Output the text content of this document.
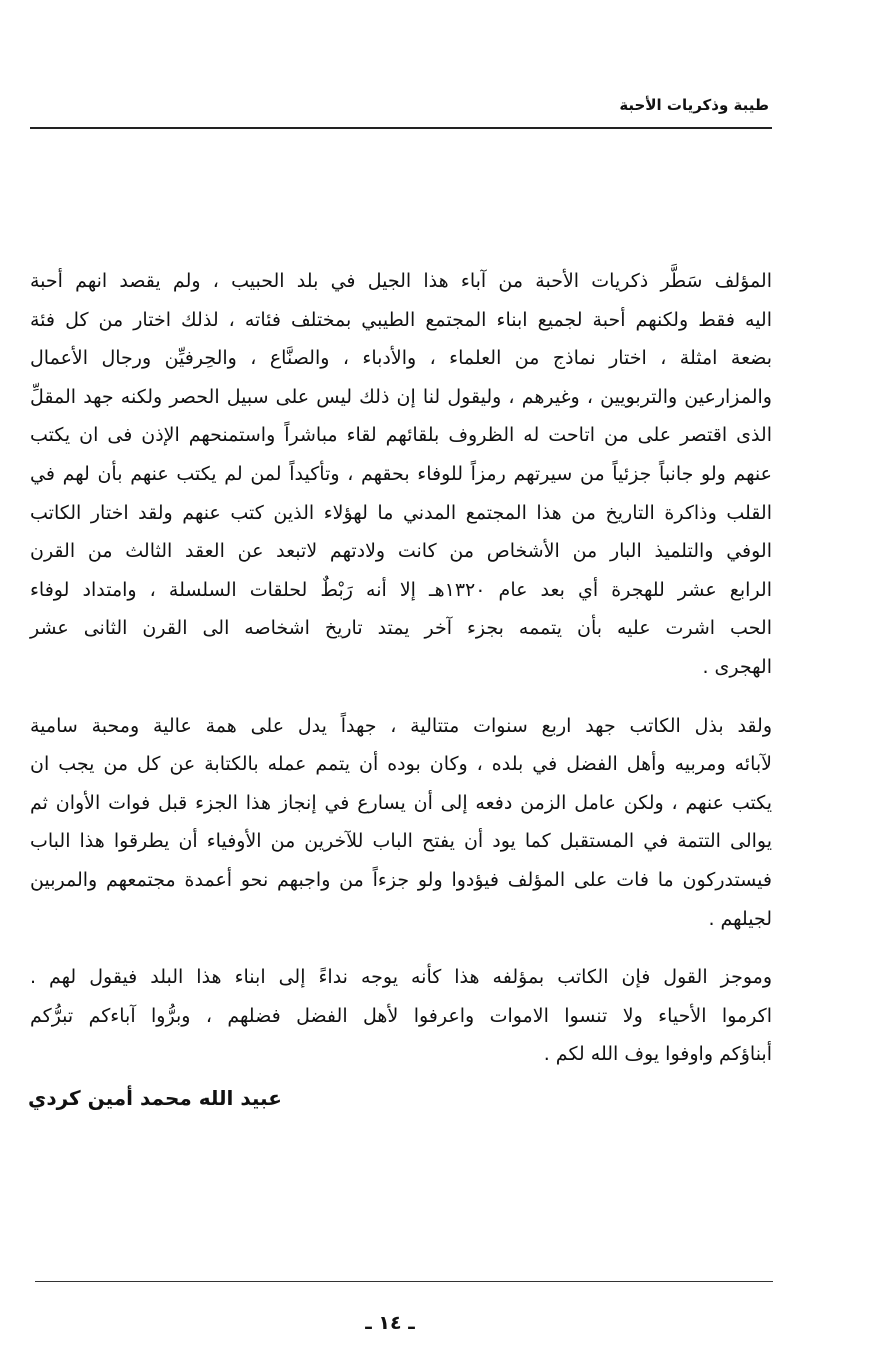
طيبة وذكريات الأحبة

المؤلف سَطَّر ذكريات الأحبة من آباء هذا الجيل في بلد الحبيب ، ولم يقصد انهم أحبة
اليه فقط ولكنهم أحبة لجميع ابناء المجتمع الطيبي بمختلف فئاته ، لذلك اختار من كل فئة
بضعة امثلة ، اختار نماذج من العلماء ، والأدباء ، والصنَّاع ، والحِرفيِّن ورجال الأعمال
والمزارعين والتربويين ، وغيرهم ، وليقول لنا إن ذلك ليس على سبيل الحصر ولكنه جهد المقلِّ
الذى اقتصر على من اتاحت له الظروف بلقائهم لقاء مباشراً واستمنحهم الإذن فى ان يكتب
عنهم ولو جانباً جزئياً من سيرتهم رمزاً للوفاء بحقهم ، وتأكيداً لمن لم يكتب عنهم بأن لهم في
القلب وذاكرة التاريخ من هذا المجتمع المدني ما لهؤلاء الذين كتب عنهم ولقد اختار الكاتب
الوفي والتلميذ البار من الأشخاص من كانت ولادتهم لاتبعد عن العقد الثالث من القرن
الرابع عشر للهجرة أي بعد عام ١٣٢٠هـ إلا أنه رَبْطٌ لحلقات السلسلة ، وامتداد لوفاء
الحب اشرت عليه بأن يتممه بجزء آخر يمتد تاريخ اشخاصه الى القرن الثانى عشر
الهجرى .

ولقد بذل الكاتب جهد اربع سنوات متتالية ، جهداً يدل على همة عالية ومحبة سامية
لآبائه ومربيه وأهل الفضل في بلده ، وكان بوده أن يتمم عمله بالكتابة عن كل من يجب ان
يكتب عنهم ، ولكن عامل الزمن دفعه إلى أن يسارع في إنجاز هذا الجزء قبل فوات الأوان ثم
يوالى التتمة في المستقبل كما يود أن يفتح الباب للآخرين من الأوفياء أن يطرقوا هذا الباب
فيستدركون ما فات على المؤلف فيؤدوا ولو جزءاً من واجبهم نحو أعمدة مجتمعهم والمربين
لجيلهم .

وموجز القول فإن الكاتب بمؤلفه هذا كأنه يوجه نداءً إلى ابناء هذا البلد فيقول لهم .
اكرموا الأحياء ولا تنسوا الاموات واعرفوا لأهل الفضل فضلهم ، وبرُّوا آباءكم تبرُّكم
أبناؤكم واوفوا يوف الله لكم .

عبيد الله محمد أمين كردي
ـ ١٤ ـ
